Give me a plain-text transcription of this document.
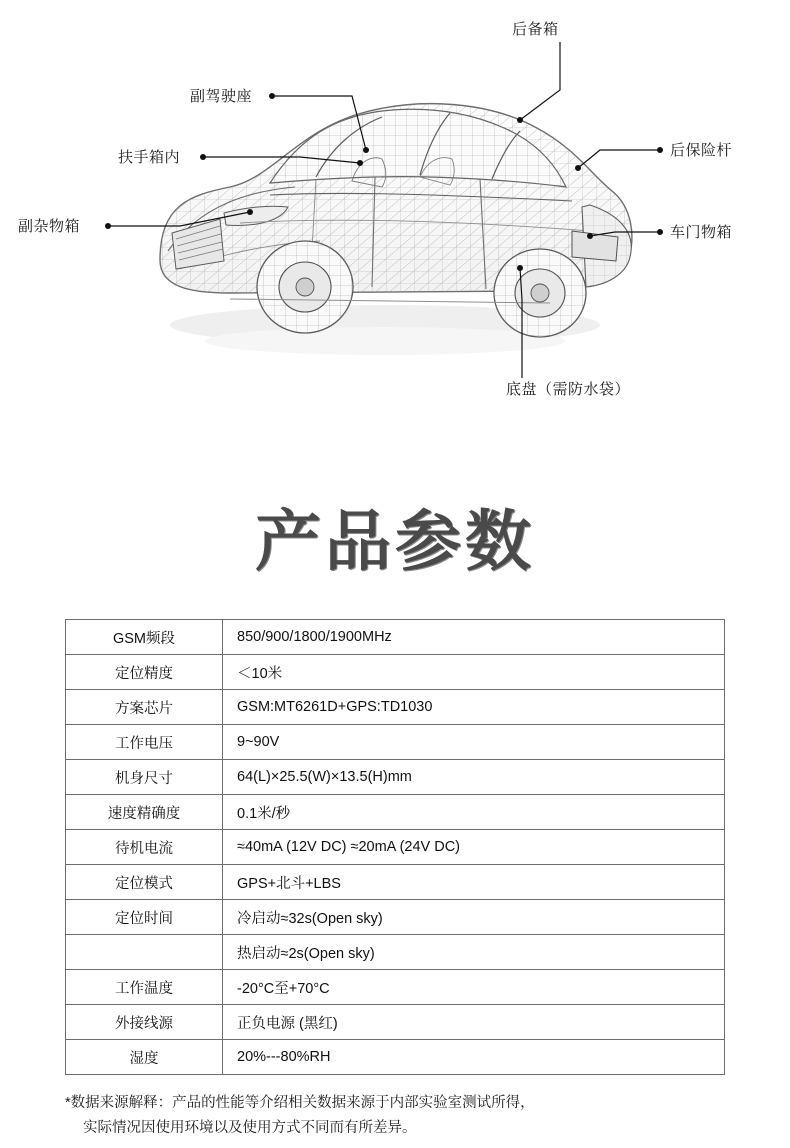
后备箱
副驾驶座
扶手箱内
副杂物箱
后保险杆
车门物箱
底盘（需防水袋）
产品参数
GSM频段	850/900/1800/1900MHz
定位精度	＜10米
方案芯片	GSM:MT6261D+GPS:TD1030
工作电压	9~90V
机身尺寸	64(L)×25.5(W)×13.5(H)mm
速度精确度	0.1米/秒
待机电流	≈40mA (12V DC) ≈20mA (24V DC)
定位模式	GPS+北斗+LBS
定位时间	冷启动≈32s(Open sky)
	热启动≈2s(Open sky)
工作温度	-20°C至+70°C
外接线源	正负电源 (黑红)
湿度	20%---80%RH
*数据来源解释：产品的性能等介绍相关数据来源于内部实验室测试所得，
实际情况因使用环境以及使用方式不同而有所差异。
